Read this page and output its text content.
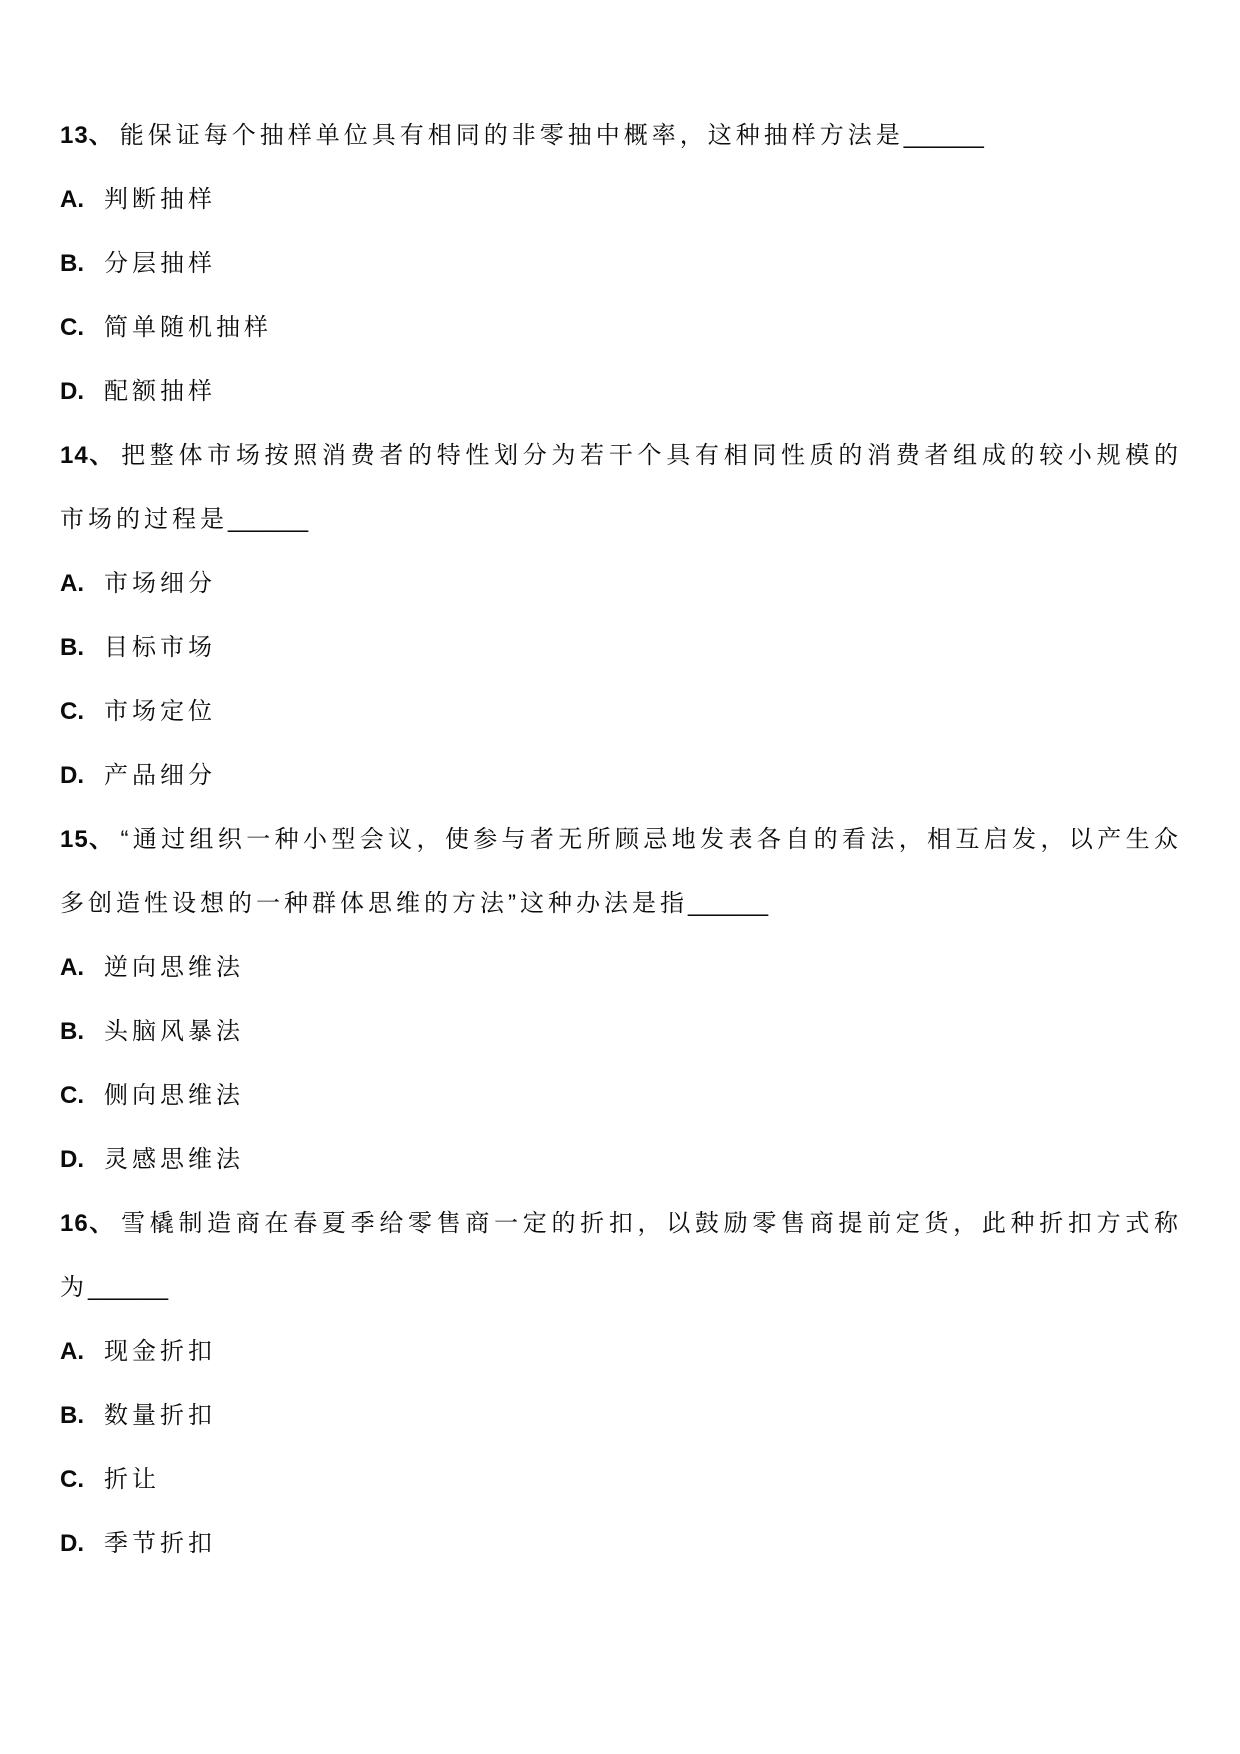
13、 能保证每个抽样单位具有相同的非零抽中概率，这种抽样方法是______

A. 判断抽样

B. 分层抽样

C. 简单随机抽样

D. 配额抽样

14、 把整体市场按照消费者的特性划分为若干个具有相同性质的消费者组成的较小规模的市场的过程是______

A. 市场细分

B. 目标市场

C. 市场定位

D. 产品细分

15、 “通过组织一种小型会议，使参与者无所顾忌地发表各自的看法，相互启发，以产生众多创造性设想的一种群体思维的方法”这种办法是指______

A. 逆向思维法

B. 头脑风暴法

C. 侧向思维法

D. 灵感思维法

16、 雪橇制造商在春夏季给零售商一定的折扣，以鼓励零售商提前定货，此种折扣方式称为______

A. 现金折扣

B. 数量折扣

C. 折让

D. 季节折扣
